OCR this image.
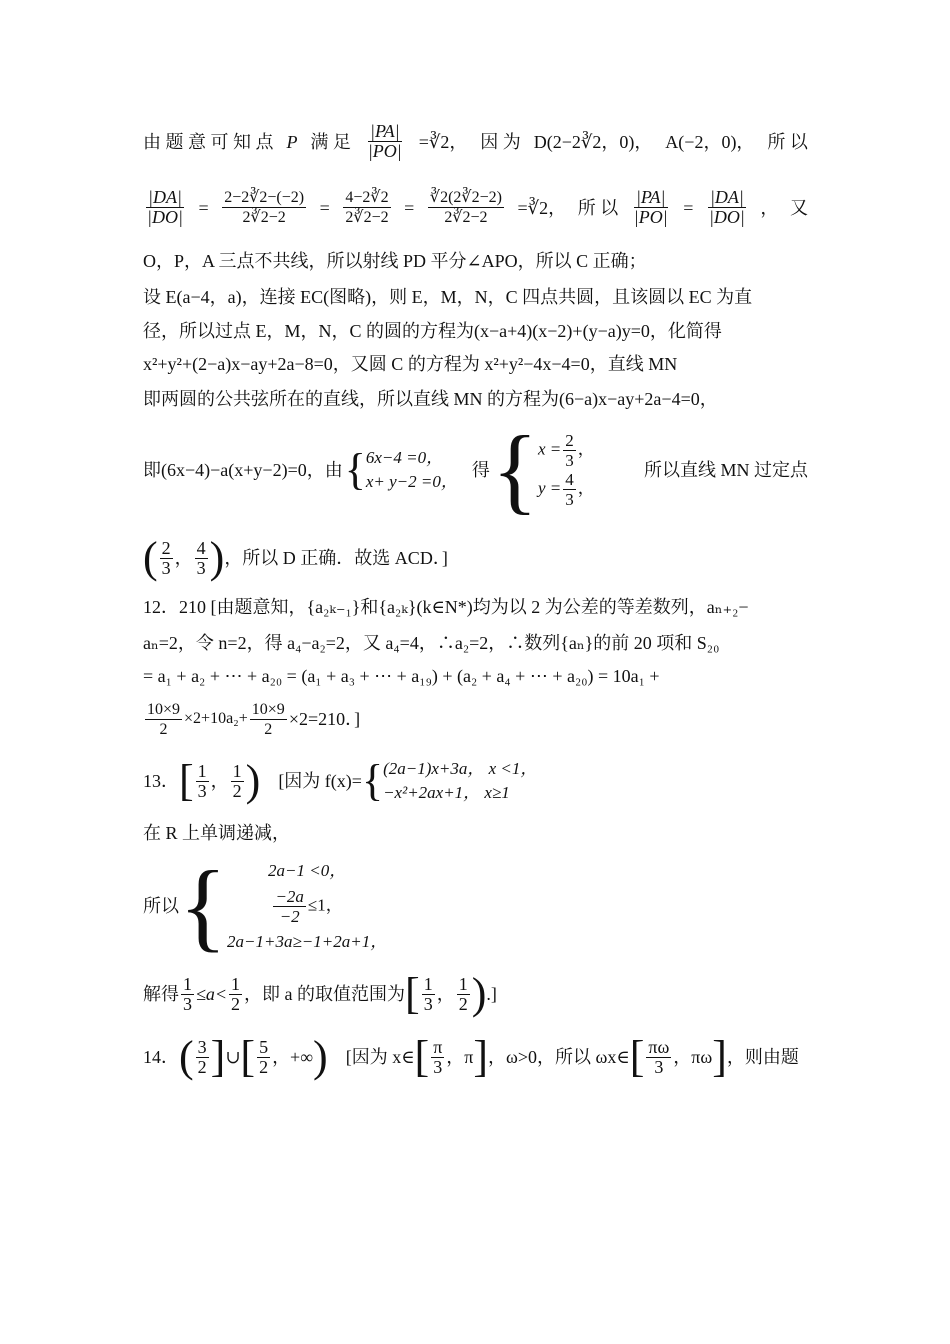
由 题 意 可 知 点 P 满 足 $\frac{|PA|}{|PO|}$ =∛2， 因 为 D(2−2∛2，0)， A(−2，0)， 所 以
$\frac{|DA|}{|DO|} = \frac{2-2∛2-(-2)}{2∛2-2} = \frac{4-2∛2}{2∛2-2} = \frac{∛2(2∛2-2)}{2∛2-2}$ =∛2， 所 以 $\frac{|PA|}{|PO|} = \frac{|DA|}{|DO|}$ ， 又
O，P，A 三点不共线，所以射线 PD 平分∠APO，所以 C 正确；
设 E(a−4，a)，连接 EC(图略)，则 E，M，N，C 四点共圆，且该圆以 EC 为直
径，所以过点 E，M，N，C 的圆的方程为(x−a+4)(x−2)+(y−a)y=0，化简得
x²+y²+(2−a)x−ay+2a−8=0，又圆 C 的方程为 x²+y²−4x−4=0，直线 MN
即两圆的公共弦所在的直线，所以直线 MN 的方程为(6−a)x−ay+2a−4=0，
即(6x−4)−a(x+y−2)=0，由 { 6x−4 =0，
x+ y−2 =0，
得 { $x = \frac{2}{3}$ ，
$y = \frac{4}{3}$ ，
所以直线 MN 过定点
( $\frac{2}{3}$ ， $\frac{4}{3}$ ) ，所以 D 正确．故选 ACD．]
12．210 [由题意知，{a₂ₖ₋₁}和{a₂ₖ}(k∈N*)均为以 2 为公差的等差数列，aₙ₊₂−
aₙ=2，令 n=2，得 a₄−a₂=2，又 a₄=4，∴a₂=2，∴数列{aₙ}的前 20 项和 S₂₀
= a₁ + a₂ + ⋯ + a₂₀ = (a₁ + a₃ + ⋯ + a₁₉) + (a₂ + a₄ + ⋯ + a₂₀) = 10a₁ +
$\frac{10\times 9}{2} \times 2+10a_2+ \frac{10\times 9}{2} \times 2=210$．]
13． [ $\frac{1}{3}$ ， $\frac{1}{2}$ ) [因为 f(x)= { (2a−1)x+3a， x <1，
−x²+2ax+1， x≥1
在 R 上单调递减，
所以 { 2a−1 <0，
$\frac{-2a}{-2} \le 1$，
2a−1+3a≥−1+2a+1，
解得 $\frac{1}{3} \le a< \frac{1}{2}$ ，即 a 的取值范围为 [ $\frac{1}{3}$ ， $\frac{1}{2}$ ) .]
14． ( $\frac{3}{2}$ ] ∪ [ $\frac{5}{2}$ ，+∞ ) [因为 x∈ [ $\frac{\pi}{3}$ ，π ] ，ω>0，所以 ωx∈ [ $\frac{\pi\omega}{3}$ ，πω ] ，则由题
